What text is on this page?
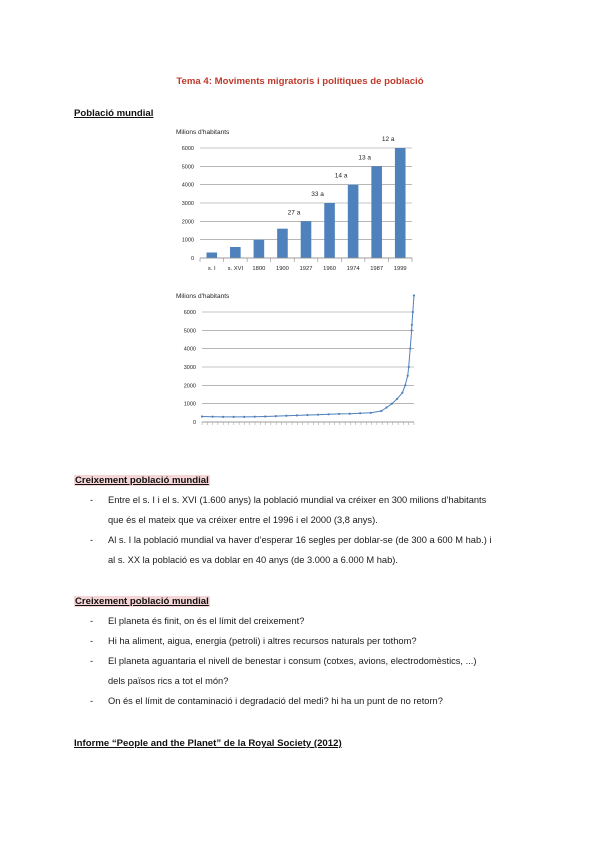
Tema 4: Moviments migratoris i polítiques de població
Població mundial
Milions d'habitants
0
1000
2000
3000
4000
5000
6000
s. I s. XVI 1800 1900 1927
27 a
1960
33 a
1974
14 a
1987
13 a
1999
12 a
Milions d'habitants
0
1000
2000
3000
4000
5000
6000
Creixement població mundial
- Entre el s. I i el s. XVI (1.600 anys) la població mundial va créixer en 300 milions d’habitants
que és el mateix que va créixer entre el 1996 i el 2000 (3,8 anys).
- Al s. I la població mundial va haver d’esperar 16 segles per doblar-se (de 300 a 600 M hab.) i
al s. XX la població es va doblar en 40 anys (de 3.000 a 6.000 M hab).
Creixement població mundial
- El planeta és finit, on és el límit del creixement?
- Hi ha aliment, aigua, energia (petroli) i altres recursos naturals per tothom?
- El planeta aguantaria el nivell de benestar i consum (cotxes, avions, electrodomèstics, ...)
dels països rics a tot el món?
- On és el límit de contaminació i degradació del medi? hi ha un punt de no retorn?
Informe “People and the Planet” de la Royal Society (2012)
